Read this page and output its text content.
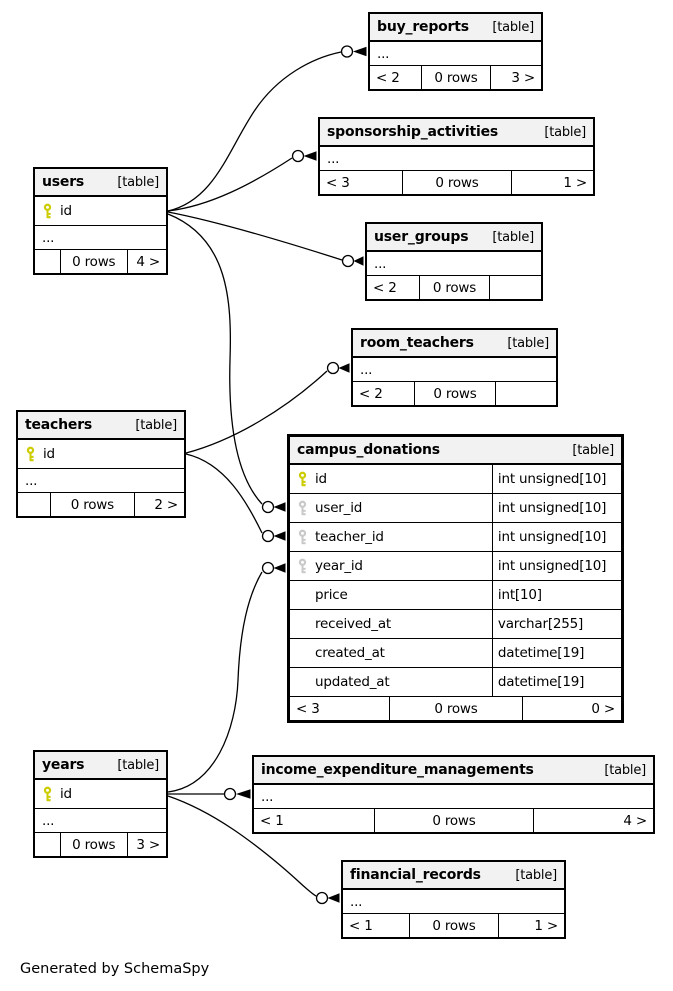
buy_reports [table]
...
< 2	0 rows	3 >
sponsorship_activities	[table]
...
< 3	0 rows	1 >
user_groups [table]
...
< 2	0 rows
room_teachers	[table]
...
< 2	0 rows
campus_donations	[table]
id	int unsigned[10]
user_id	int unsigned[10]
teacher_id	int unsigned[10]
year_id	int unsigned[10]
price	int[10]
received_at	varchar[255]
created_at	datetime[19]
updated_at	datetime[19]
< 3	0 rows	0 >
users	[table]
id
...
0 rows	4 >
teachers	[table]
id
...
0 rows	2 >
years	[table]
id
...
0 rows	3 >
income_expenditure_managements	[table]
...
< 1	0 rows	4 >
financial_records	[table]
...
< 1	0 rows	1 >
Generated by SchemaSpy
